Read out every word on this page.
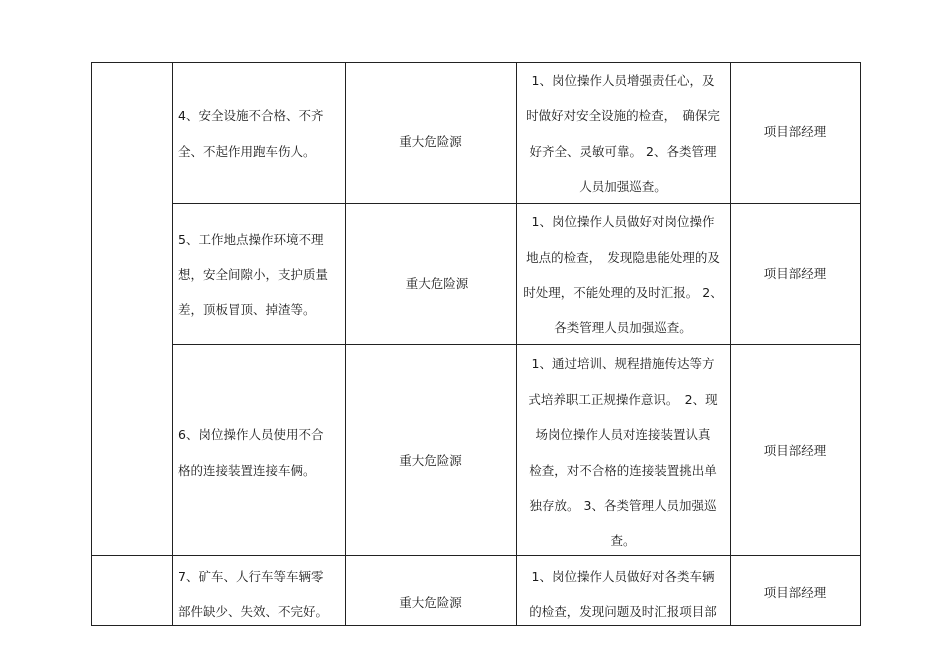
4、安全设施不合格、不齐
全、不起作用跑车伤人。
重大危险源
1、岗位操作人员增强责任心，及
时做好对安全设施的检查，　确保完
好齐全、灵敏可靠。 2、各类管理
人员加强巡查。
项目部经理
5、工作地点操作环境不理
想，安全间隙小，支护质量
差，顶板冒顶、掉渣等。
重大危险源
1、岗位操作人员做好对岗位操作
地点的检查，　发现隐患能处理的及
时处理，不能处理的及时汇报。 2、
各类管理人员加强巡查。
项目部经理
6、岗位操作人员使用不合
格的连接装置连接车俩。
重大危险源
1、通过培训、规程措施传达等方
式培养职工正规操作意识。　2、现
场岗位操作人员对连接装置认真
检查，对不合格的连接装置挑出单
独存放。 3、各类管理人员加强巡
查。
项目部经理
7、矿车、人行车等车辆零
部件缺少、失效、不完好。
重大危险源
1、岗位操作人员做好对各类车辆
的检查，发现问题及时汇报项目部
项目部经理
